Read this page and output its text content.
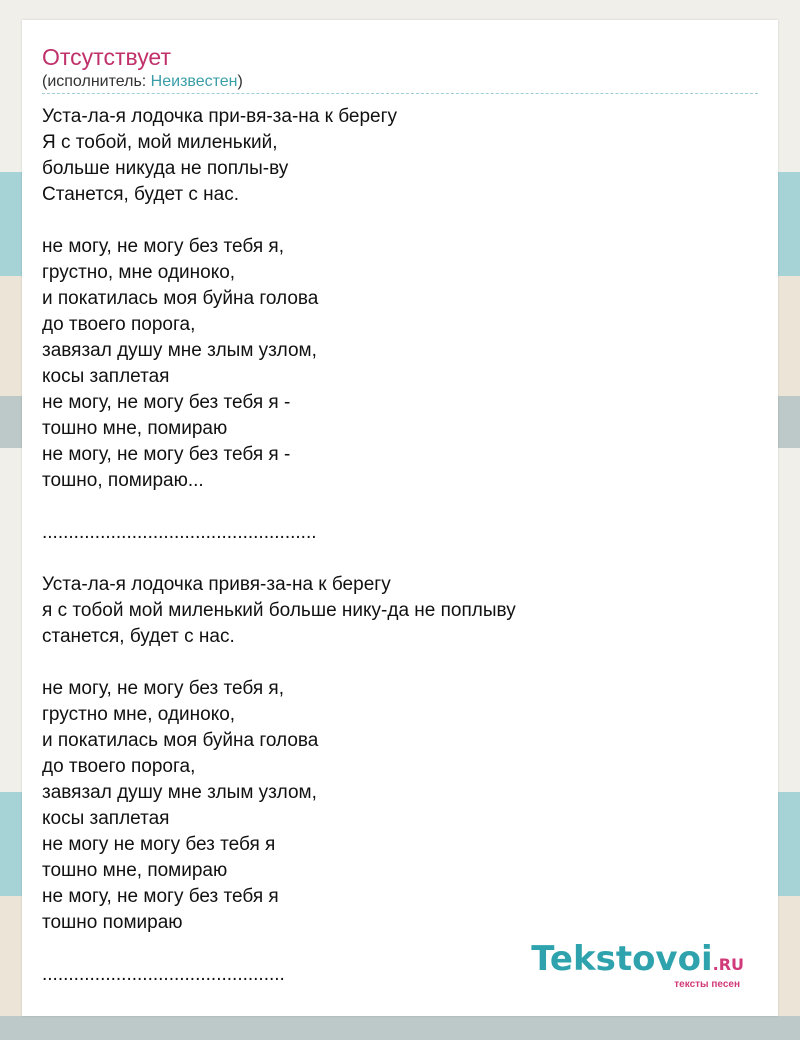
Отсутствует
(исполнитель: Неизвестен)
Уста-ла-я лодочка при-вя-за-на к берегу
Я с тобой, мой миленький,
больше никуда не поплы-ву
Станется, будет с нас.
не могу, не могу без тебя я,
грустно, мне одиноко,
и покатилась моя буйна голова
до твоего порога,
завязал душу мне злым узлом,
косы заплетая
не могу, не могу без тебя я -
тошно мне, помираю
не могу, не могу без тебя я -
тошно, помираю...
....................................................
Уста-ла-я лодочка привя-за-на к берегу
я с тобой мой миленький больше нику-да не поплыву
станется, будет с нас.
не могу, не могу без тебя я,
грустно мне, одиноко,
и покатилась моя буйна голова
до твоего порога,
завязал душу мне злым узлом,
косы заплетая
не могу не могу без тебя я
тошно мне, помираю
не могу, не могу без тебя я
тошно помираю
..............................................	Tekstovoi.RU
тексты песен
